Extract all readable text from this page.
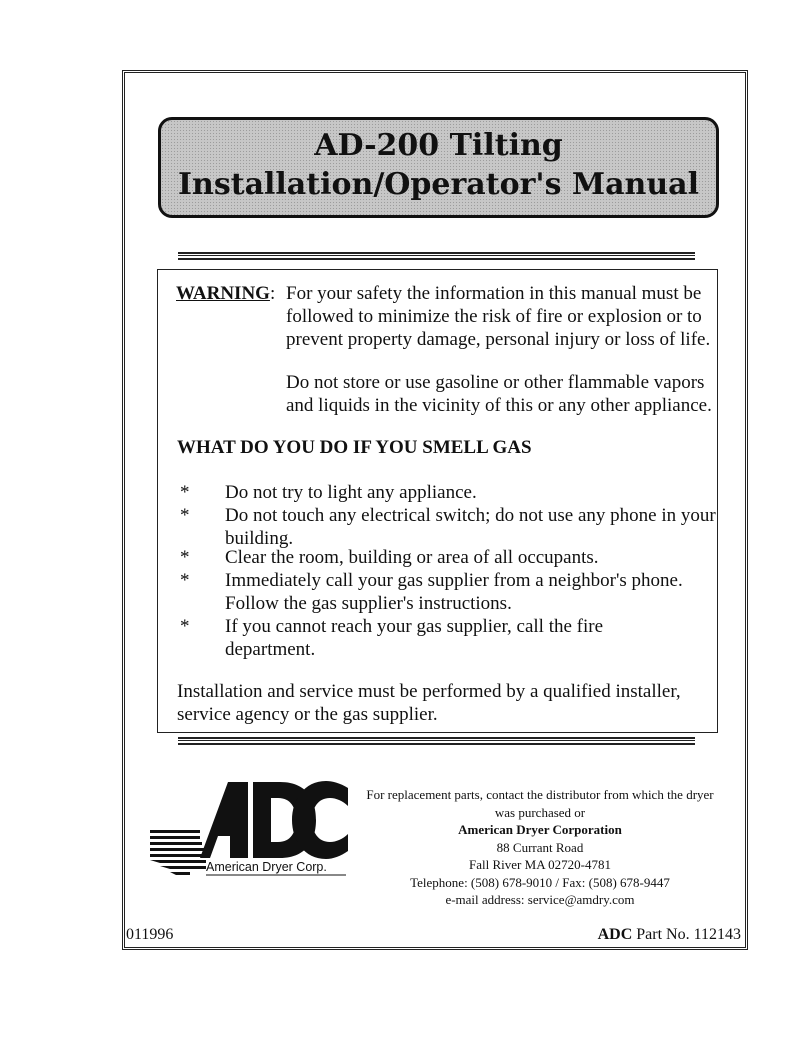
AD-200 Tilting
Installation/Operator's Manual
WARNING: For your safety the information in this manual must be
followed to minimize the risk of fire or explosion or to
prevent property damage, personal injury or loss of life.
Do not store or use gasoline or other flammable vapors
and liquids in the vicinity of this or any other appliance.
WHAT DO YOU DO IF YOU SMELL GAS
* Do not try to light any appliance.
* Do not touch any electrical switch; do not use any phone in your
building.
* Clear the room, building or area of all occupants.
* Immediately call your gas supplier from a neighbor's phone.
Follow the gas supplier's instructions.
* If you cannot reach your gas supplier, call the fire
department.
Installation and service must be performed by a qualified installer,
service agency or the gas supplier.
American Dryer Corp.
For replacement parts, contact the distributor from which the dryer
was purchased or
American Dryer Corporation
88 Currant Road
Fall River MA 02720-4781
Telephone: (508) 678-9010 / Fax: (508) 678-9447
e-mail address: service@amdry.com
011996	ADC Part No. 112143
